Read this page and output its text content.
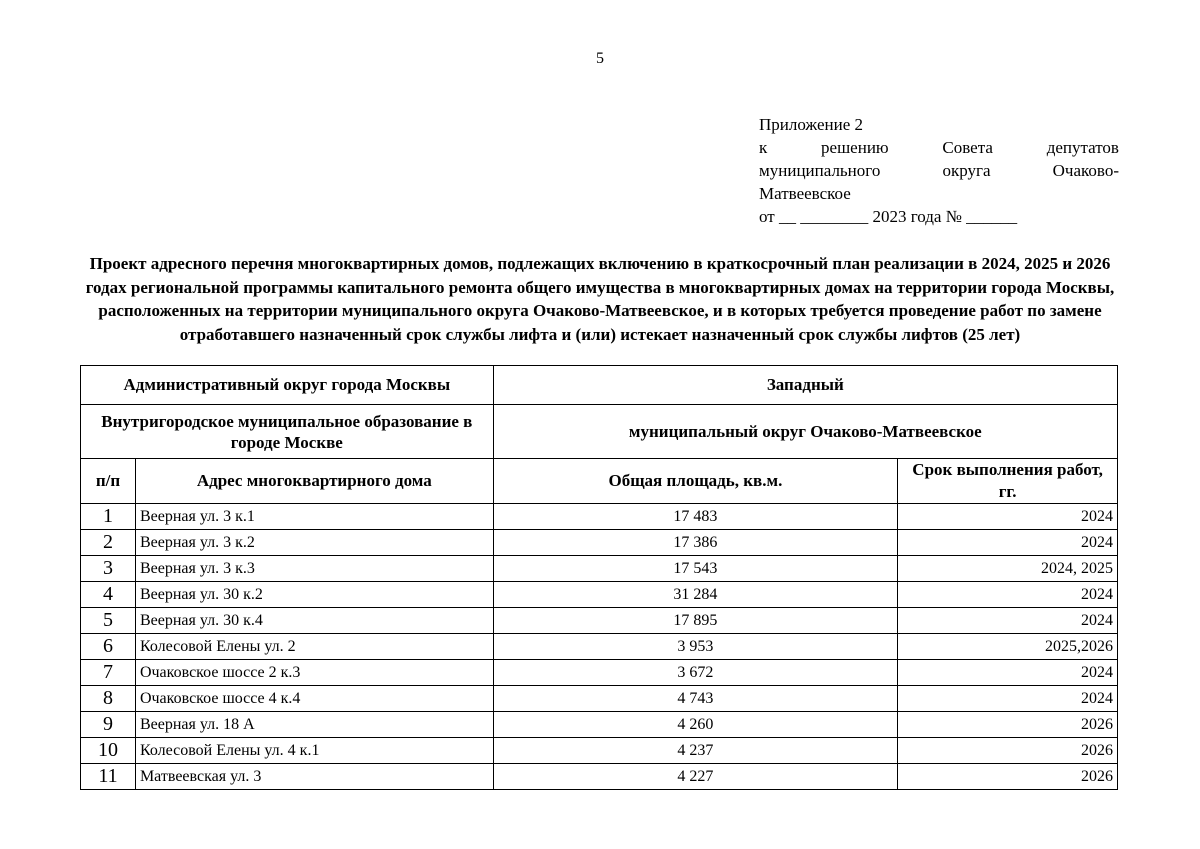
5
Приложение 2
к	решению	Совета	депутатов
муниципального	округа	Очаково-
Матвеевское
от __ ________ 2023 года № ______
Проект адресного перечня многоквартирных домов, подлежащих включению в краткосрочный план реализации в 2024, 2025 и 2026 годах региональной программы капитального ремонта общего имущества в многоквартирных домах на территории города Москвы, расположенных на территории муниципального округа Очаково-Матвеевское, и в которых требуется проведение работ по замене отработавшего назначенный срок службы лифта и (или) истекает назначенный срок службы лифтов (25 лет)
Административный округ города Москвы		Западный	
Внутригородское муниципальное образование в городе Москве		муниципальный округ Очаково-Матвеевское	
п/п	Адрес многоквартирного дома	Общая площадь, кв.м.	Срок выполнения работ, гг.
1	Веерная ул. 3 к.1	17 483	2024
2	Веерная ул. 3 к.2	17 386	2024
3	Веерная ул. 3 к.3	17 543	2024, 2025
4	Веерная ул. 30 к.2	31 284	2024
5	Веерная ул. 30 к.4	17 895	2024
6	Колесовой Елены ул. 2	3 953	2025,2026
7	Очаковское шоссе 2 к.3	3 672	2024
8	Очаковское шоссе 4 к.4	4 743	2024
9	Веерная ул. 18 А	4 260	2026
10	Колесовой Елены ул. 4 к.1	4 237	2026
11	Матвеевская ул. 3	4 227	2026
